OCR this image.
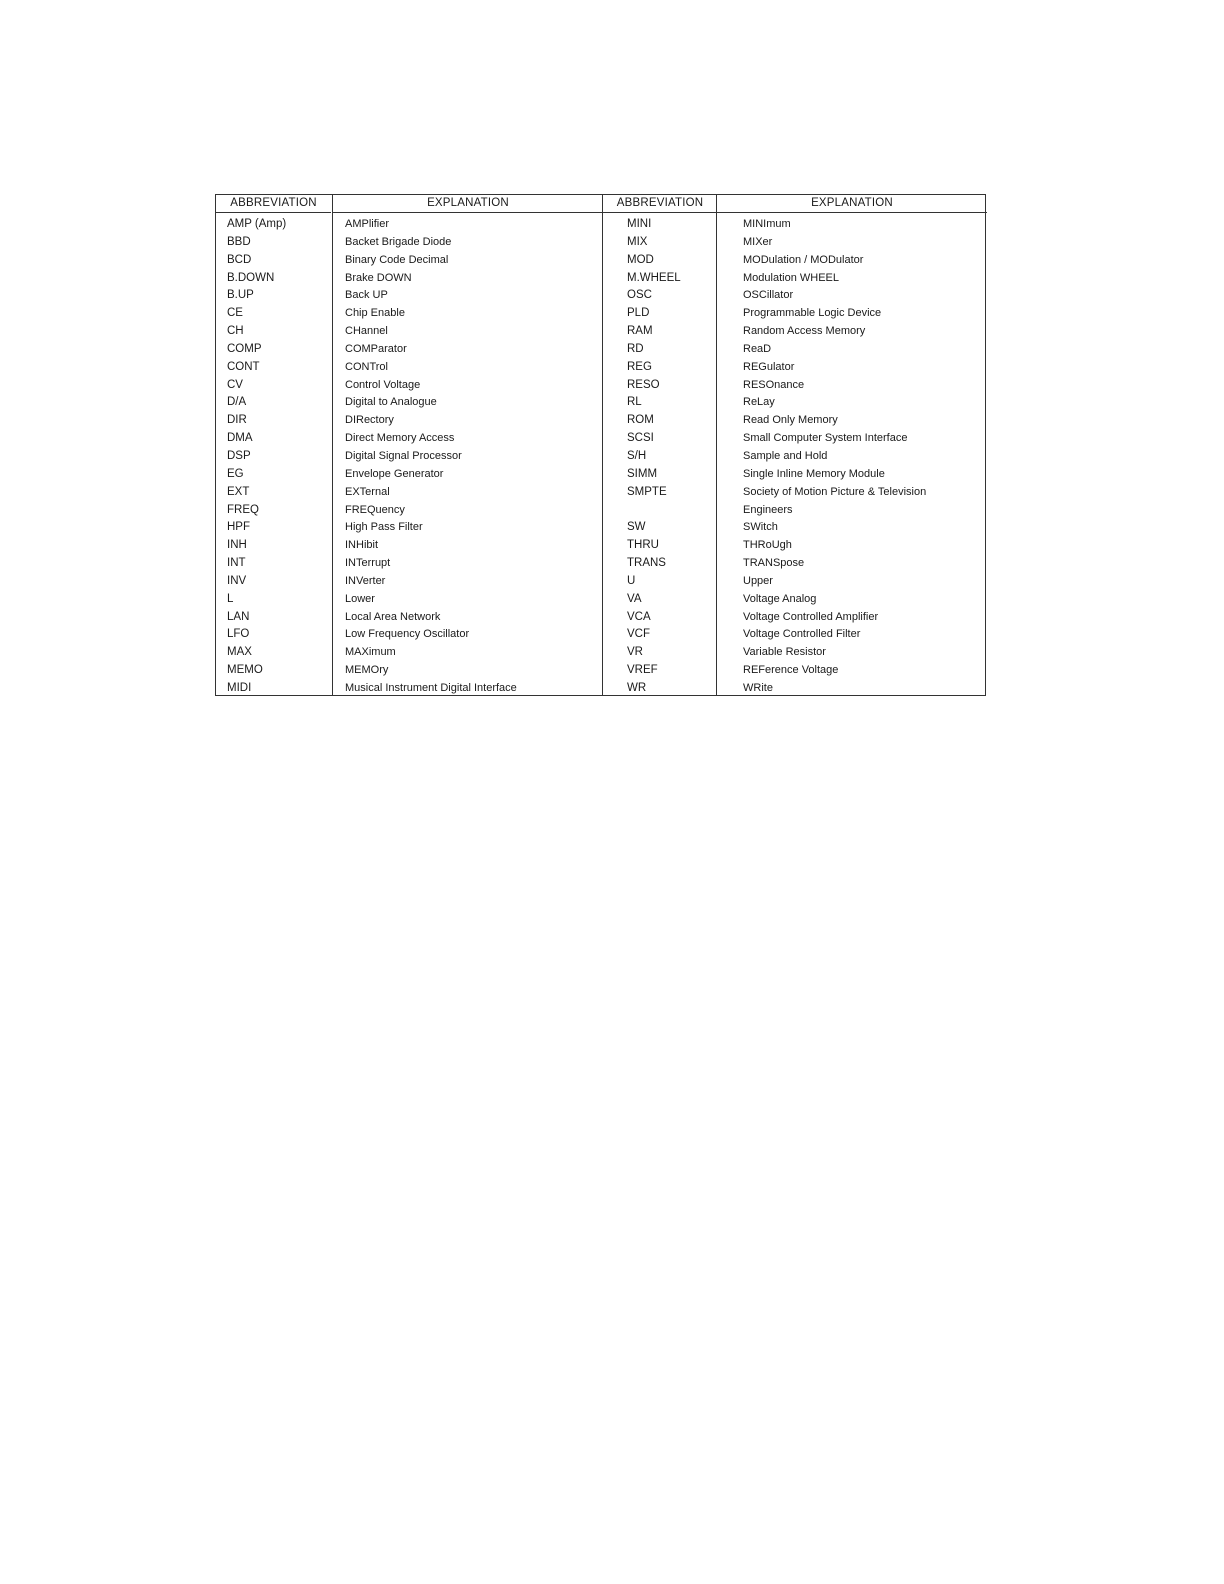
ABBREVIATION
AMP (Amp)
BBD
BCD
B.DOWN
B.UP
CE
CH
COMP
CONT
CV
D/A
DIR
DMA
DSP
EG
EXT
FREQ
HPF
INH
INT
INV
L
LAN
LFO
MAX
MEMO
MIDI
EXPLANATION
AMPlifier
Backet Brigade Diode
Binary Code Decimal
Brake DOWN
Back UP
Chip Enable
CHannel
COMParator
CONTrol
Control Voltage
Digital to Analogue
DIRectory
Direct Memory Access
Digital Signal Processor
Envelope Generator
EXTernal
FREQuency
High Pass Filter
INHibit
INTerrupt
INVerter
Lower
Local Area Network
Low Frequency Oscillator
MAXimum
MEMOry
Musical Instrument Digital Interface
ABBREVIATION
MINI
MIX
MOD
M.WHEEL
OSC
PLD
RAM
RD
REG
RESO
RL
ROM
SCSI
S/H
SIMM
SMPTE
SW
THRU
TRANS
U
VA
VCA
VCF
VR
VREF
WR
EXPLANATION
MINImum
MIXer
MODulation / MODulator
Modulation WHEEL
OSCillator
Programmable Logic Device
Random Access Memory
ReaD
REGulator
RESOnance
ReLay
Read Only Memory
Small Computer System Interface
Sample and Hold
Single Inline Memory Module
Society of Motion Picture & Television
Engineers
SWitch
THRoUgh
TRANSpose
Upper
Voltage Analog
Voltage Controlled Amplifier
Voltage Controlled Filter
Variable Resistor
REFerence Voltage
WRite
